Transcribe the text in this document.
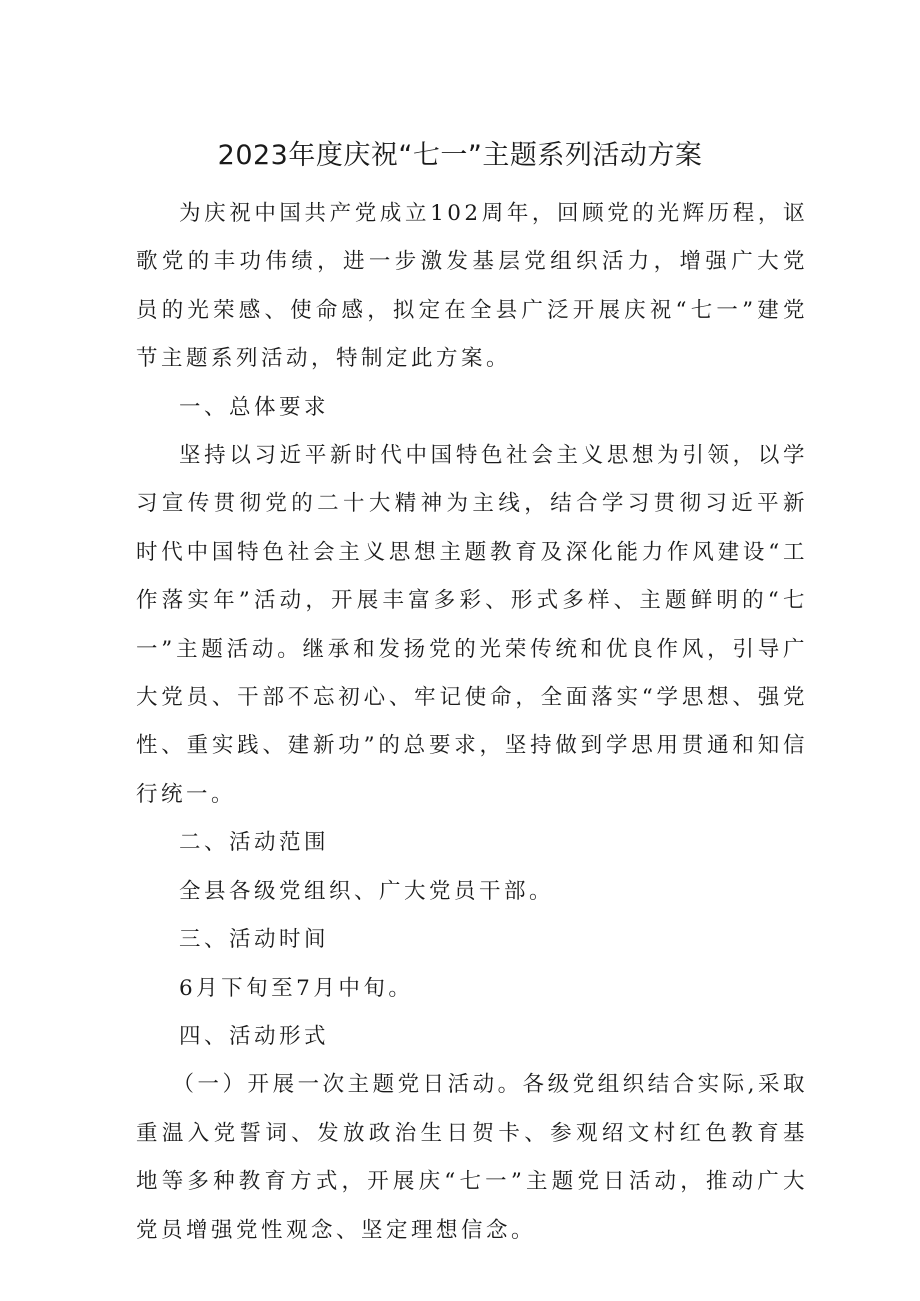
2023年度庆祝“七一”主题系列活动方案

为庆祝中国共产党成立102周年，回顾党的光辉历程，讴歌党的丰功伟绩，进一步激发基层党组织活力，增强广大党员的光荣感、使命感，拟定在全县广泛开展庆祝“七一”建党节主题系列活动，特制定此方案。

一、总体要求

坚持以习近平新时代中国特色社会主义思想为引领，以学习宣传贯彻党的二十大精神为主线，结合学习贯彻习近平新时代中国特色社会主义思想主题教育及深化能力作风建设“工作落实年”活动，开展丰富多彩、形式多样、主题鲜明的“七一”主题活动。继承和发扬党的光荣传统和优良作风，引导广大党员、干部不忘初心、牢记使命，全面落实“学思想、强党性、重实践、建新功”的总要求，坚持做到学思用贯通和知信行统一。

二、活动范围

全县各级党组织、广大党员干部。

三、活动时间

6月下旬至7月中旬。

四、活动形式

（一）开展一次主题党日活动。各级党组织结合实际,采取重温入党誓词、发放政治生日贺卡、参观绍文村红色教育基地等多种教育方式，开展庆“七一”主题党日活动，推动广大党员增强党性观念、坚定理想信念。
